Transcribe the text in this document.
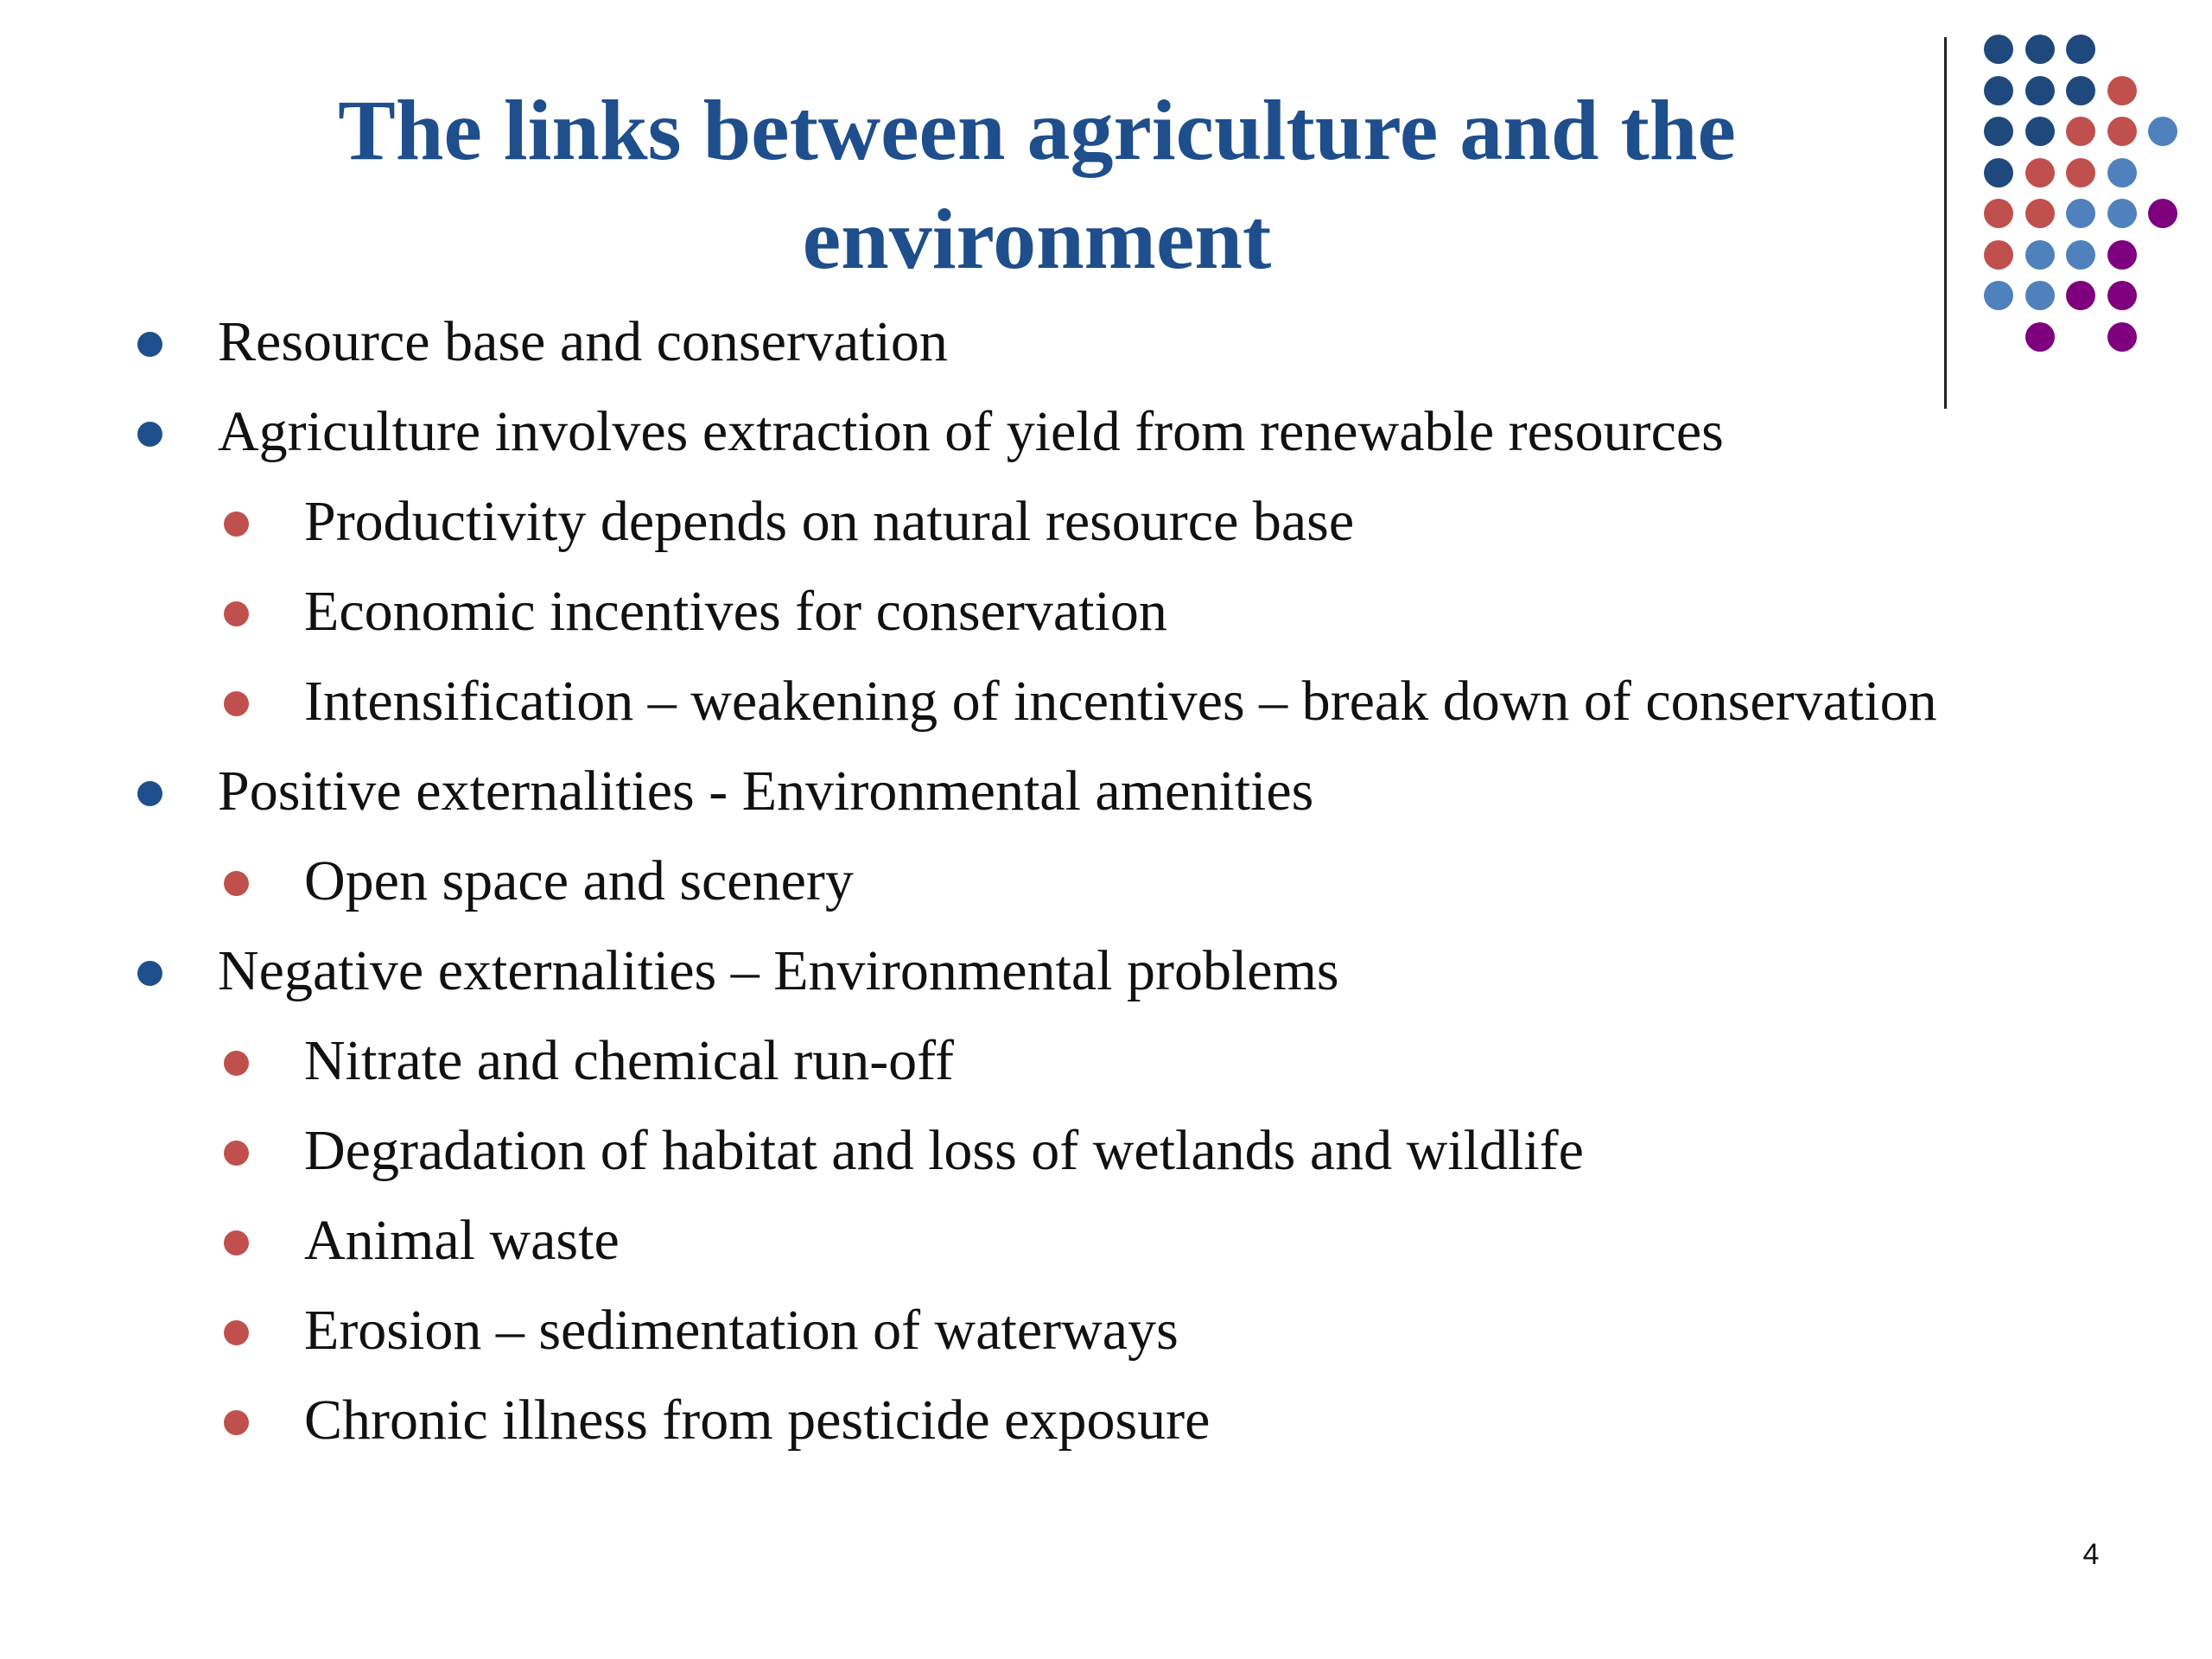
The links between agriculture and the
environment
Resource base and conservation
Agriculture involves extraction of yield from renewable resources
Productivity depends on natural resource base
Economic incentives for conservation
Intensification – weakening of incentives – break down of conservation
Positive externalities - Environmental amenities
Open space and scenery
Negative externalities – Environmental problems
Nitrate and chemical run-off
Degradation of habitat and loss of wetlands and wildlife
Animal waste
Erosion – sedimentation of waterways
Chronic illness from pesticide exposure
4
